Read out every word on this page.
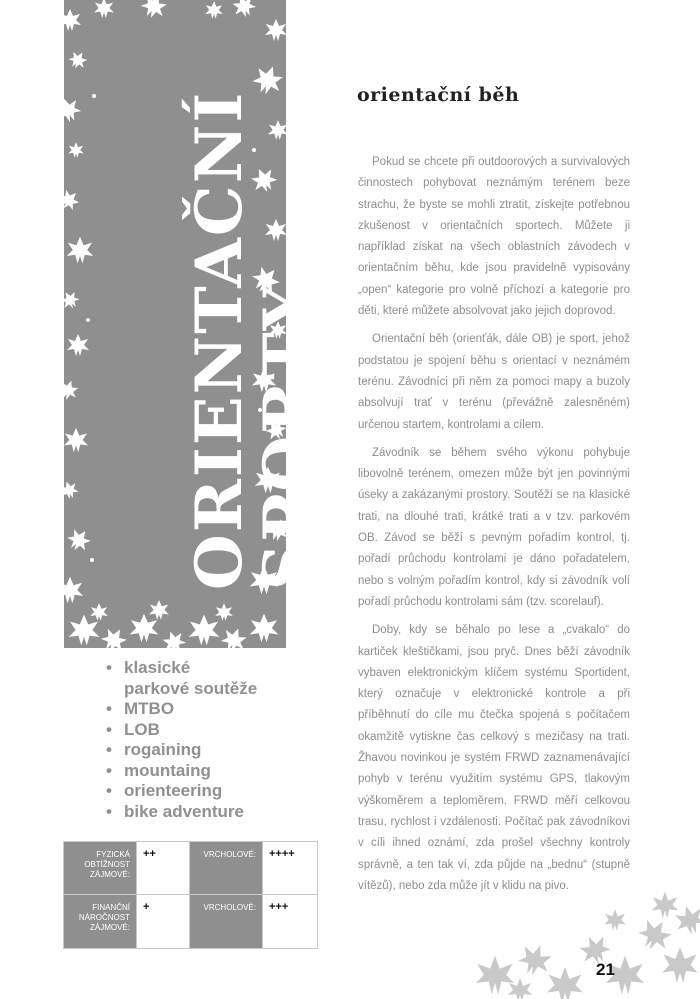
ORIENTAČNÍ
SPORTY
orientační běh

Pokud se chcete při outdoorových a survivalových činnostech pohybovat neznámým terénem beze strachu, že byste se mohli ztratit, získejte potřebnou zkušenost v orientačních sportech. Můžete ji například získat na všech oblastních závodech v orientačním běhu, kde jsou pravidelně vypisovány „open“ kategorie pro volně příchozí a kategorie pro děti, které můžete absolvovat jako jejich doprovod.

Orientační běh (orienťák, dále OB) je sport, jehož podstatou je spojení běhu s orientací v neznámém terénu. Závodníci při něm za pomoci mapy a buzoly absolvují trať v terénu (převážně zalesněném) určenou startem, kontrolami a cílem.

Závodník se během svého výkonu pohybuje libovolně terénem, omezen může být jen povinnými úseky a zakázanými prostory. Soutěží se na klasické trati, na dlouhé trati, krátké trati a v tzv. parkovém OB. Závod se běží s pevným pořadím kontrol, tj. pořadí průchodu kontrolami je dáno pořadatelem, nebo s volným pořadím kontrol, kdy si závodník volí pořadí průchodu kontrolami sám (tzv. scorelauf).

Doby, kdy se běhalo po lese a „cvakalo“ do kartiček kleštičkami, jsou pryč. Dnes běží závodník vybaven elektronickým klíčem systému Sportident, který označuje v elektronické kontrole a při příběhnutí do cíle mu čtečka spojená s počítačem okamžitě vytiskne čas celkový s mezičasy na trati. Žhavou novinkou je systém FRWD zaznamenávající pohyb v terénu využitím systému GPS, tlakovým výškoměrem a teploměrem. FRWD měří celkovou trasu, rychlost i vzdálenosti. Počítač pak závodníkovi v cíli ihned oznámí, zda prošel všechny kontroly správně, a ten tak ví, zda půjde na „bednu“ (stupně vítězů), nebo zda může jít v klidu na pivo.

• klasické
parkové soutěže
• MTBO
• LOB
• rogaining
• mountaing
• orienteering
• bike adventure
FYZICKÁ OBTÍŽNOST ZÁJMOVÉ:	++	VRCHOLOVÉ:	++++
FINANČNÍ NÁROČNOST ZÁJMOVÉ:	+	VRCHOLOVÉ:	+++
21
